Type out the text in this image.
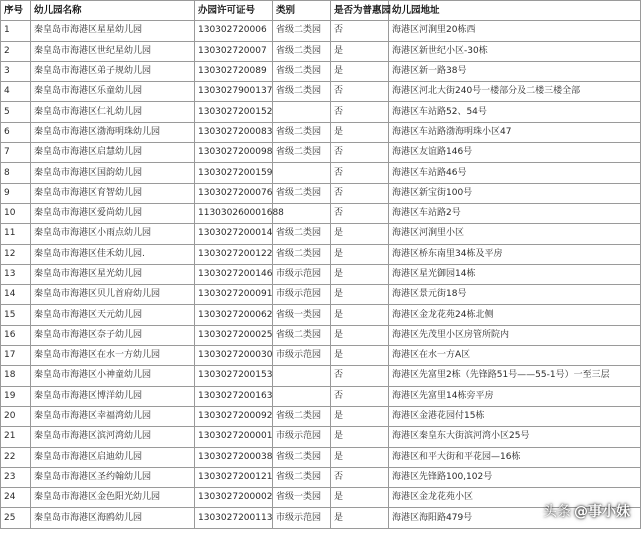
序号	幼儿园名称	办园许可证号	类别	是否为普惠园	幼儿园地址
1	秦皇岛市海港区星星幼儿园	130302720006	省级二类园	否	海港区河涧里20栋西
2	秦皇岛市海港区世纪星幼儿园	130302720007	省级二类园	是	海港区新世纪小区-30栋
3	秦皇岛市海港区弟子规幼儿园	130302720089	省级二类园	是	海港区新一路38号
4	秦皇岛市海港区乐童幼儿园	1303027900137	省级二类园	否	海港区河北大街240号一楼部分及二楼三楼全部
5	秦皇岛市海港区仁礼幼儿园	1303027200152		否	海港区车站路52、54号
6	秦皇岛市海港区渤海明珠幼儿园	1303027200083	省级二类园	是	海港区车站路渤海明珠小区47
7	秦皇岛市海港区启慧幼儿园	1303027200098	省级二类园	否	海港区友谊路146号
8	秦皇岛市海港区国韵幼儿园	1303027200159		否	海港区车站路46号
9	秦皇岛市海港区育智幼儿园	1303027200076	省级二类园	否	海港区新宝街100号
10	秦皇岛市海港区爱尚幼儿园	113030260001688		否	海港区车站路2号
11	秦皇岛市海港区小雨点幼儿园	1303027200014	省级二类园	是	海港区河涧里小区
12	秦皇岛市海港区佳禾幼儿园.	1303027200122	省级二类园	是	海港区桥东南里34栋及平房
13	秦皇岛市海港区星光幼儿园	1303027200146	市级示范园	是	海港区星光御园14栋
14	秦皇岛市海港区贝儿首府幼儿园	1303027200091	市级示范园	是	海港区景元街18号
15	秦皇岛市海港区天元幼儿园	1303027200062	省级一类园	是	海港区金龙花苑24栋北侧
16	秦皇岛市海港区奈子幼儿园	1303027200025	省级二类园	是	海港区先茂里小区房管所院内
17	秦皇岛市海港区在水一方幼儿园	1303027200030	市级示范园	是	海港区在水一方A区
18	秦皇岛市海港区小神童幼儿园	1303027200153		否	海港区先富里2栋（先锋路51号——55-1号）一至三层
19	秦皇岛市海港区博洋幼儿园	1303027200163		否	海港区先富里14栋旁平房
20	秦皇岛市海港区幸福湾幼儿园	1303027200092	省级二类园	是	海港区金港花园付15栋
21	秦皇岛市海港区滨河湾幼儿园	1303027200001	市级示范园	是	海港区秦皇东大街滨河湾小区25号
22	秦皇岛市海港区启迪幼儿园	1303027200038	省级二类园	是	海港区和平大街和平花园—16栋
23	秦皇岛市海港区圣约翰幼儿园	1303027200121	省级二类园	否	海港区先锋路100,102号
24	秦皇岛市海港区金色阳光幼儿园	1303027200002	省级一类园	是	海港区金龙花苑小区
25	秦皇岛市海港区海鸥幼儿园	1303027200113	市级示范园	是	海港区海阳路479号	头条 @事小妹
